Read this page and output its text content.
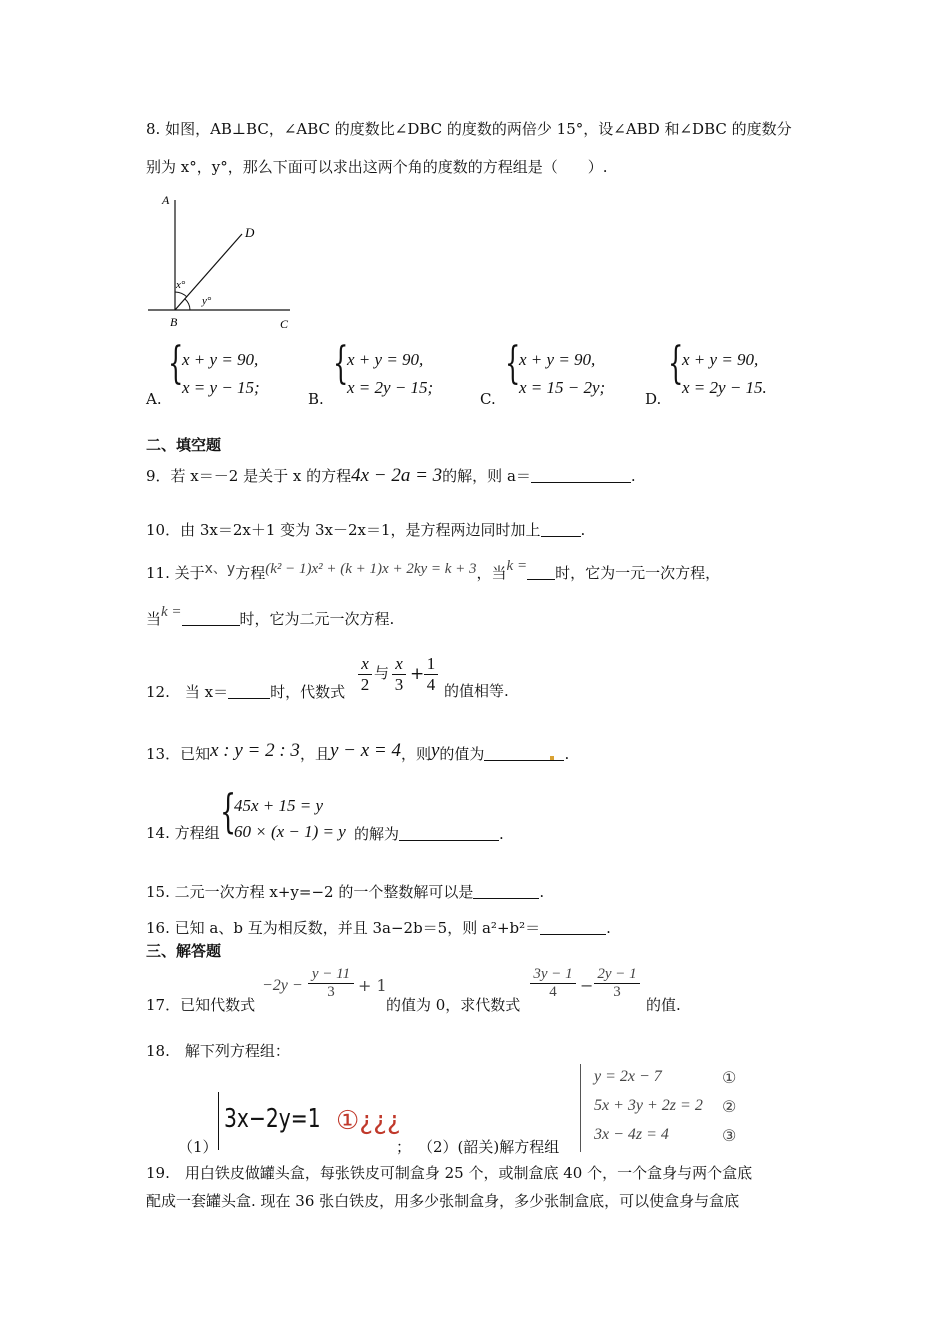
8. 如图，AB⊥BC，∠ABC 的度数比∠DBC 的度数的两倍少 15°，设∠ABD 和∠DBC 的度数分
别为 x°，y°，那么下面可以求出这两个角的度数的方程组是（　　）.
A
D
x°
y°
B	C
A.
{
x + y = 90,
x = y − 15;
B.
{
x + y = 90,
x = 2y − 15;
C.
{
x + y = 90,
x = 15 − 2y;
D.
{
x + y = 90,
x = 2y − 15.
二、填空题
9．若 x＝－2 是关于 x 的方程4x − 2a = 3的解，则 a＝	.
10．由 3x＝2x＋1 变为 3x－2x＝1，是方程两边同时加上	.
11. 关于x、y方程(k² − 1)x² + (k + 1)x + 2ky = k + 3，当k = 时，它为一元一次方程，
当k =	时，它为二元一次方程.
12.　当 x＝	时，代数式 $\frac{x}{2}$ 与 $\frac{x}{3} + \frac{1}{4}$ 的值相等.
13．已知x : y = 2 : 3，且y − x = 4，则y的值为	.
14. 方程组 {
45x + 15 = y
60 × (x − 1) = y 的解为	.
15. 二元一次方程 x+y=−2 的一个整数解可以是	.
16. 已知 a、b 互为相反数，并且 3a−2b＝5，则 a²+b²＝	.
三、解答题
17．已知代数式
$-2y - \frac{y - 11}{3} + 1$
的值为 0，求代数式
$\frac{3y - 1}{4} - \frac{2y - 1}{3}$
的值.
18.　解下列方程组：
（1）
3x−2y=1 ①¿¿¿
； （2）(韶关)解方程组
y = 2x − 7	①
5x + 3y + 2z = 2 ②
3x − 4z = 4	③
19.　用白铁皮做罐头盒，每张铁皮可制盒身 25 个，或制盒底 40 个，一个盒身与两个盒底
配成一套罐头盒. 现在 36 张白铁皮，用多少张制盒身，多少张制盒底，可以使盒身与盒底
